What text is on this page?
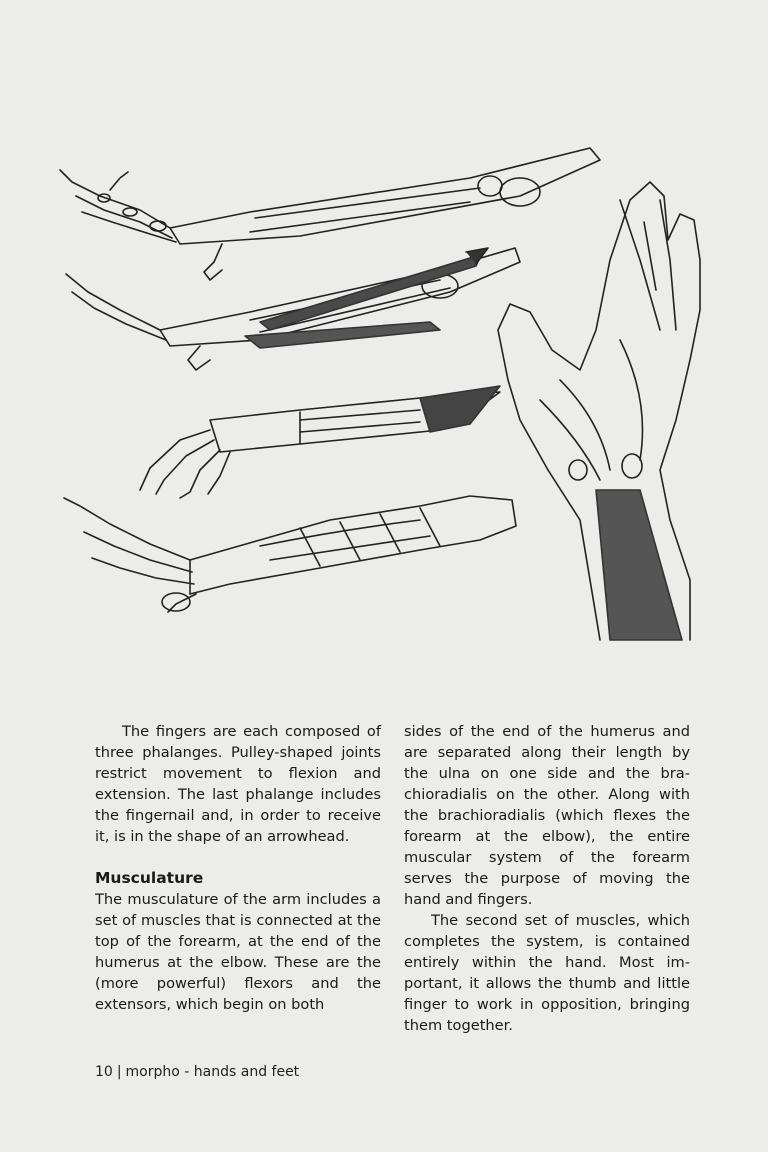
The fingers are each composed of three phalanges. Pulley-shaped joints restrict movement to flexion and extension. The last phalange includes the fingernail and, in order to receive it, is in the shape of an arrowhead.

Musculature

The musculature of the arm includes a set of muscles that is connected at the top of the forearm, at the end of the humerus at the elbow. These are the (more powerful) flexors and the extensors, which begin on both

sides of the end of the humerus and are separated along their length by the ulna on one side and the brachioradialis on the other. Along with the brachioradialis (which flexes the forearm at the elbow), the entire muscular system of the forearm serves the purpose of moving the hand and fingers.

The second set of muscles, which completes the system, is contained entirely within the hand. Most important, it allows the thumb and little finger to work in opposition, bringing them together.

10 | morpho - hands and feet
